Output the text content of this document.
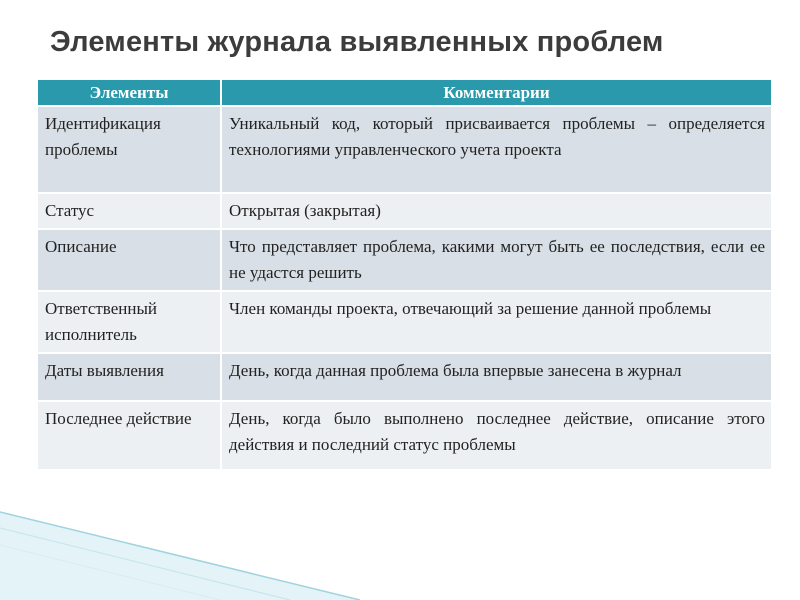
Элементы журнала выявленных проблем
Элементы	Комментарии
Идентификация проблемы	Уникальный код, который присваивается проблемы – определяется технологиями управленческого учета проекта
Статус	Открытая (закрытая)
Описание	Что представляет проблема, какими могут быть ее последствия, если ее не удастся решить
Ответственный исполнитель	Член команды проекта, отвечающий за решение данной проблемы
Даты выявления	День, когда данная проблема была впервые занесена в журнал
Последнее действие	День, когда было выполнено последнее действие, описание этого действия и последний статус проблемы
